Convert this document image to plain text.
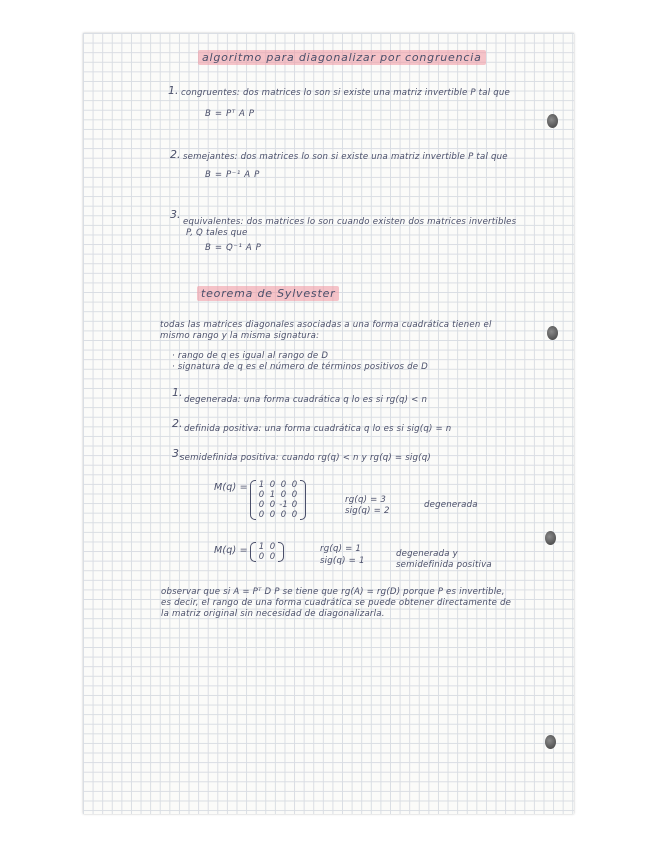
algoritmo para diagonalizar por congruencia
1. congruentes: dos matrices lo son si existe una matriz invertible P tal que
B = Pᵀ A P
2. semejantes: dos matrices lo son si existe una matriz invertible P tal que
B = P⁻¹ A P
3.
equivalentes: dos matrices lo son cuando existen dos matrices invertibles
P, Q tales que
B = Q⁻¹ A P
teorema de Sylvester
todas las matrices diagonales asociadas a una forma cuadrática tienen el
mismo rango y la misma signatura:
· rango de q es igual al rango de D
· signatura de q es el número de términos positivos de D
1.
degenerada: una forma cuadrática q lo es si rg(q) < n
2. definida positiva: una forma cuadrática q lo es si sig(q) = n
3.
semidefinida positiva: cuando rg(q) < n y rg(q) = sig(q)
M(q) = 1	0	0	0
0	1	0	0
0	0	-1	0
0	0	0	0
rg(q) = 3
sig(q) = 2
degenerada
M(q) = 1	0
0	0
rg(q) = 1
sig(q) = 1
degenerada y
semidefinida positiva
observar que si A = Pᵀ D P se tiene que rg(A) = rg(D) porque P es invertible,
es decir, el rango de una forma cuadrática se puede obtener directamente de
la matriz original sin necesidad de diagonalizarla.
